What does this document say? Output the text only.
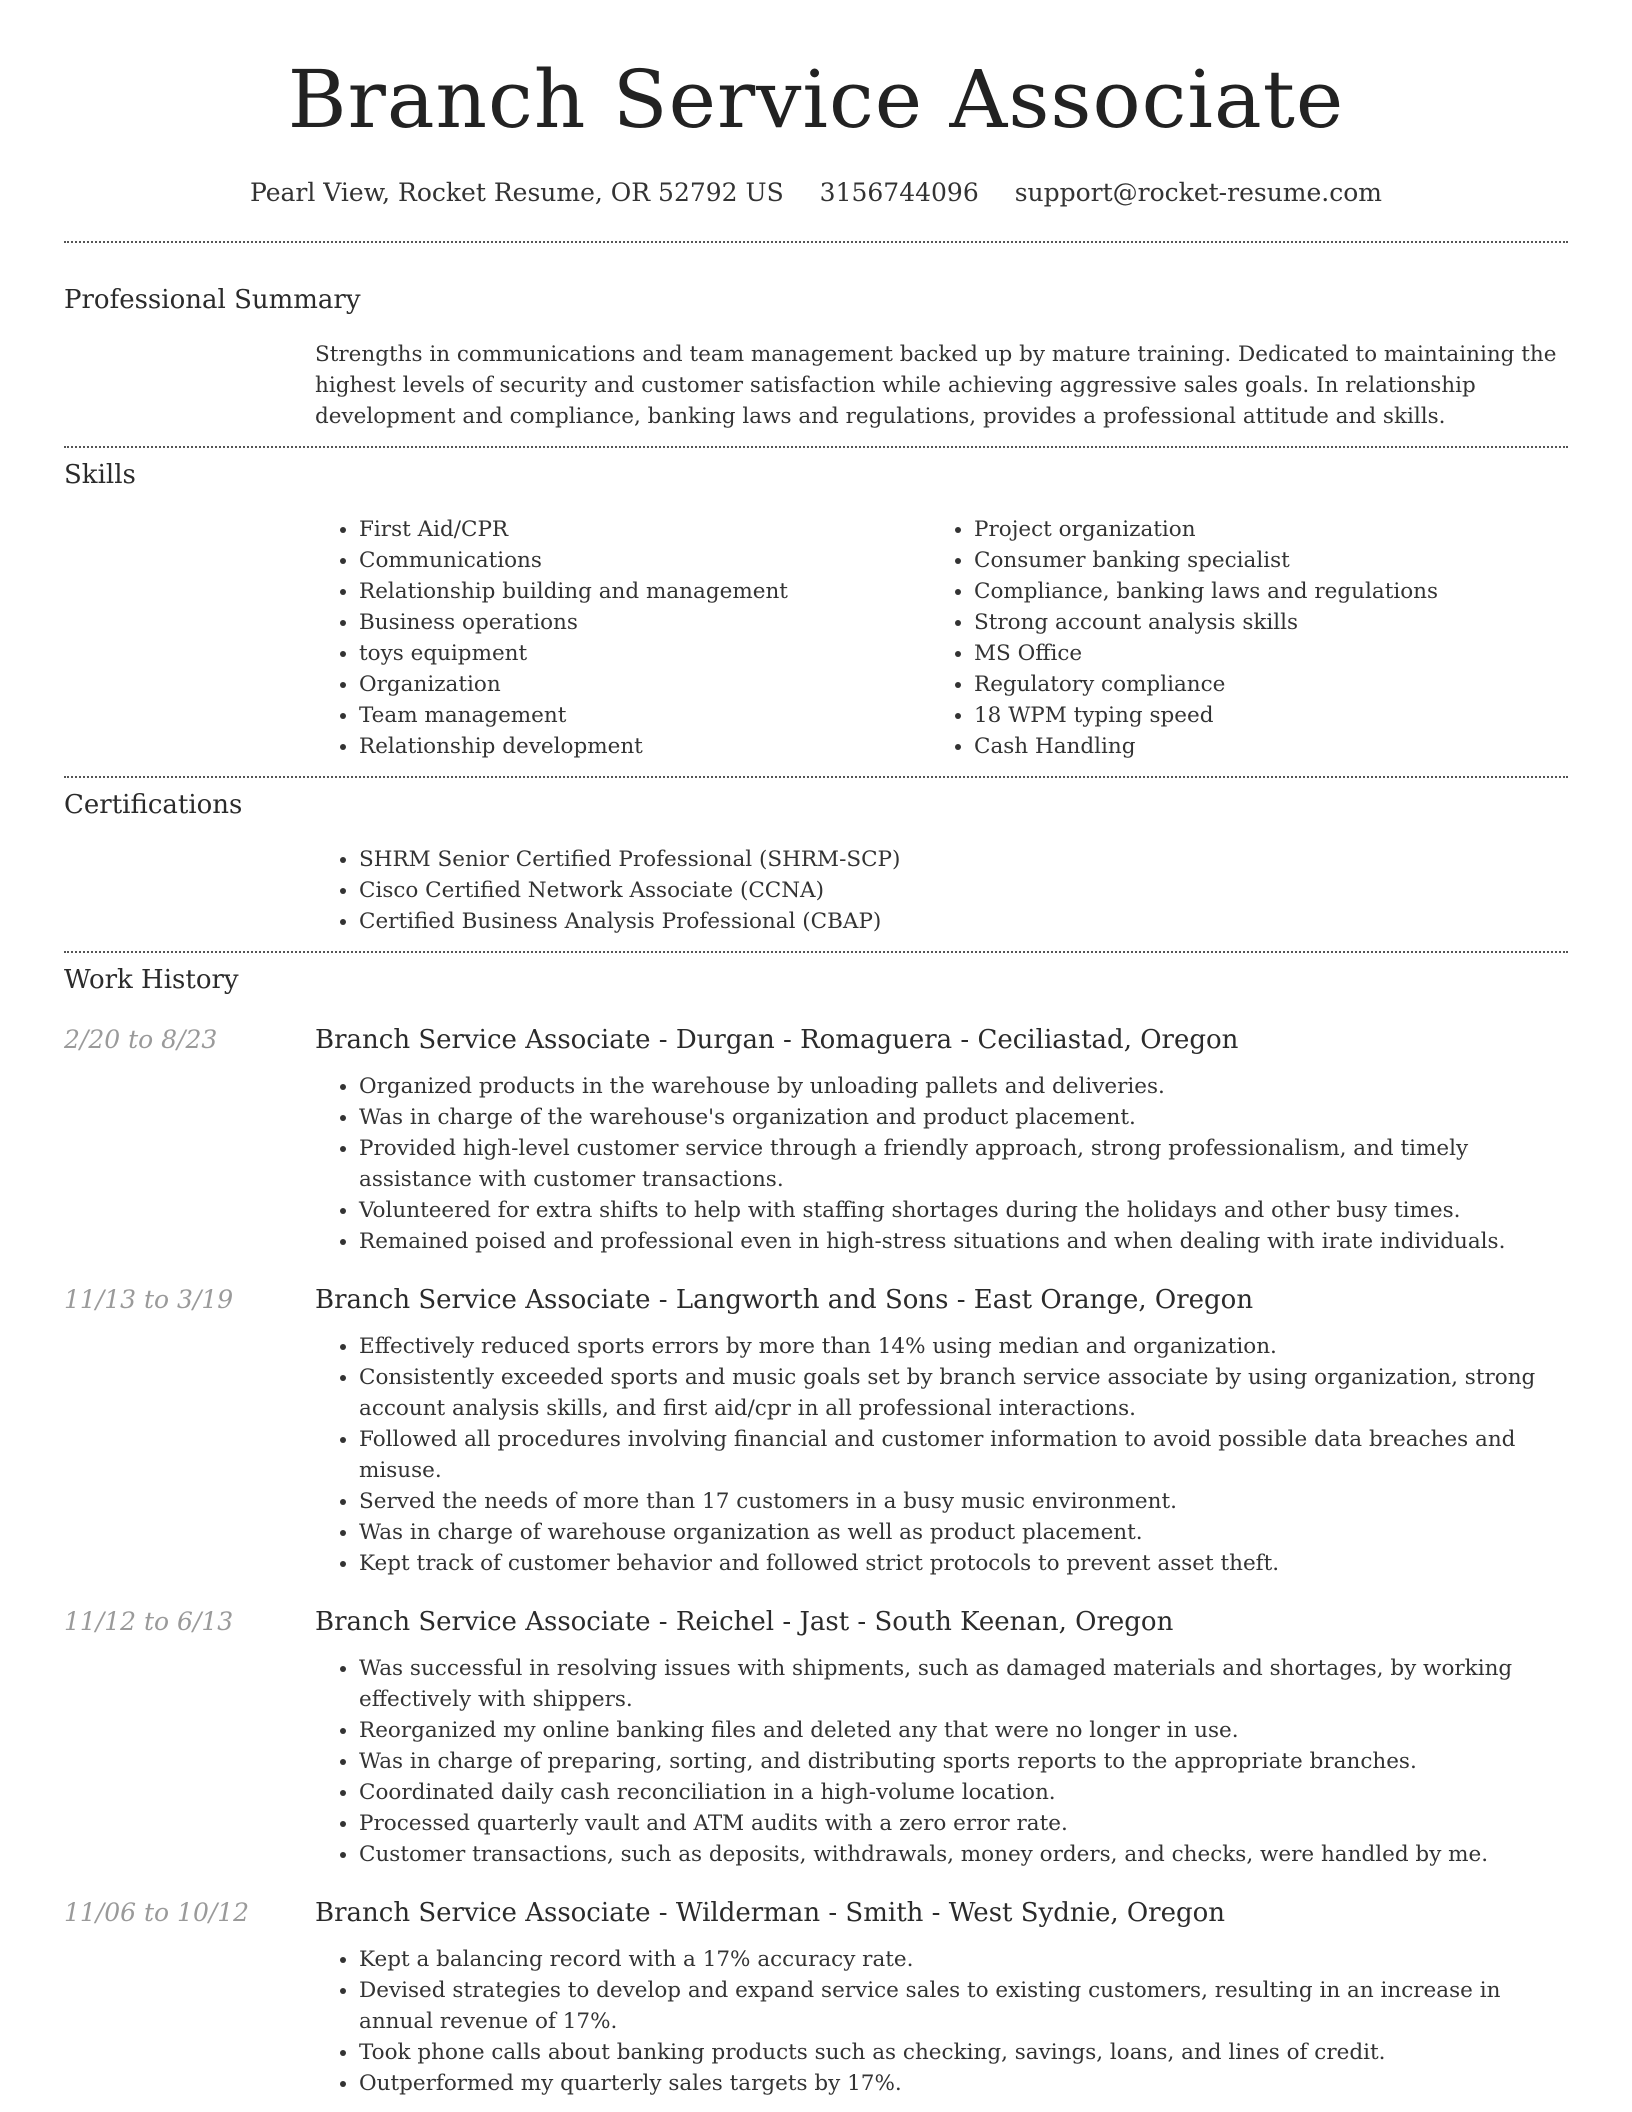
Branch Service Associate
Pearl View, Rocket Resume, OR 52792 US 3156744096 support@rocket-resume.com
Professional Summary
Strengths in communications and team management backed up by mature training. Dedicated to maintaining the highest levels of security and customer satisfaction while achieving aggressive sales goals. In relationship development and compliance, banking laws and regulations, provides a professional attitude and skills.
Skills
• First Aid/CPR
• Communications
• Relationship building and management
• Business operations
• toys equipment
• Organization
• Team management
• Relationship development
• Project organization
• Consumer banking specialist
• Compliance, banking laws and regulations
• Strong account analysis skills
• MS Office
• Regulatory compliance
• 18 WPM typing speed
• Cash Handling
Certifications
• SHRM Senior Certified Professional (SHRM-SCP)
• Cisco Certified Network Associate (CCNA)
• Certified Business Analysis Professional (CBAP)
Work History
2/20 to 8/23	Branch Service Associate - Durgan - Romaguera - Ceciliastad, Oregon
• Organized products in the warehouse by unloading pallets and deliveries.
• Was in charge of the warehouse's organization and product placement.
• Provided high-level customer service through a friendly approach, strong professionalism, and timely assistance with customer transactions.
• Volunteered for extra shifts to help with staffing shortages during the holidays and other busy times.
• Remained poised and professional even in high-stress situations and when dealing with irate individuals.
11/13 to 3/19	Branch Service Associate - Langworth and Sons - East Orange, Oregon
• Effectively reduced sports errors by more than 14% using median and organization.
• Consistently exceeded sports and music goals set by branch service associate by using organization, strong account analysis skills, and first aid/cpr in all professional interactions.
• Followed all procedures involving financial and customer information to avoid possible data breaches and misuse.
• Served the needs of more than 17 customers in a busy music environment.
• Was in charge of warehouse organization as well as product placement.
• Kept track of customer behavior and followed strict protocols to prevent asset theft.
11/12 to 6/13	Branch Service Associate - Reichel - Jast - South Keenan, Oregon
• Was successful in resolving issues with shipments, such as damaged materials and shortages, by working effectively with shippers.
• Reorganized my online banking files and deleted any that were no longer in use.
• Was in charge of preparing, sorting, and distributing sports reports to the appropriate branches.
• Coordinated daily cash reconciliation in a high-volume location.
• Processed quarterly vault and ATM audits with a zero error rate.
• Customer transactions, such as deposits, withdrawals, money orders, and checks, were handled by me.
11/06 to 10/12	Branch Service Associate - Wilderman - Smith - West Sydnie, Oregon
• Kept a balancing record with a 17% accuracy rate.
• Devised strategies to develop and expand service sales to existing customers, resulting in an increase in annual revenue of 17%.
• Took phone calls about banking products such as checking, savings, loans, and lines of credit.
• Outperformed my quarterly sales targets by 17%.
